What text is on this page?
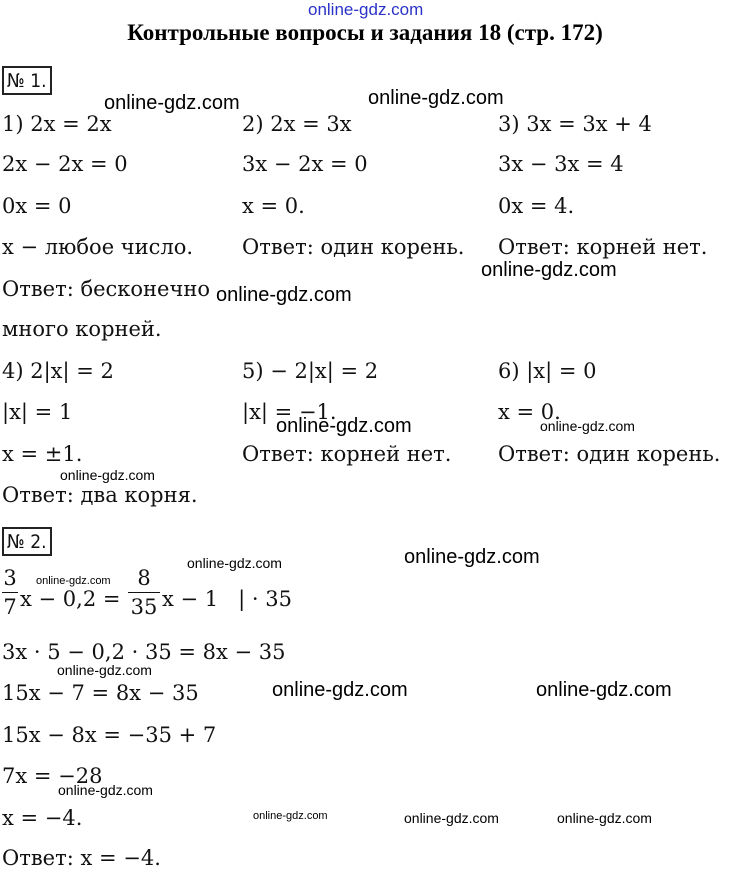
online-gdz.com
Контрольные вопросы и задания 18 (стр. 172)
№ 1.
1) 2x = 2x
2x − 2x = 0
0x = 0
x − любое число.
Ответ: бесконечно
много корней.
2) 2x = 3x
3x − 2x = 0
x = 0.
Ответ: один корень.
3) 3x = 3x + 4
3x − 3x = 4
0x = 4.
Ответ: корней нет.
4) 2|x| = 2
|x| = 1
x = ±1.
Ответ: два корня.
5) − 2|x| = 2
|x| = −1.
Ответ: корней нет.
6) |x| = 0
x = 0.
Ответ: один корень.
№ 2.
3
7 x − 0,2 =
8
35 x − 1   | · 35
3x · 5 − 0,2 · 35 = 8x − 35
15x − 7 = 8x − 35
15x − 8x = −35 + 7
7x = −28
x = −4.
Ответ: x = −4.
online-gdz.com	online-gdz.com
online-gdz.com
online-gdz.com
online-gdz.com	online-gdz.com
online-gdz.com
online-gdz.com	online-gdz.com
online-gdz.com
online-gdz.com
online-gdz.com	online-gdz.com
online-gdz.com
online-gdz.com	online-gdz.com	online-gdz.com
